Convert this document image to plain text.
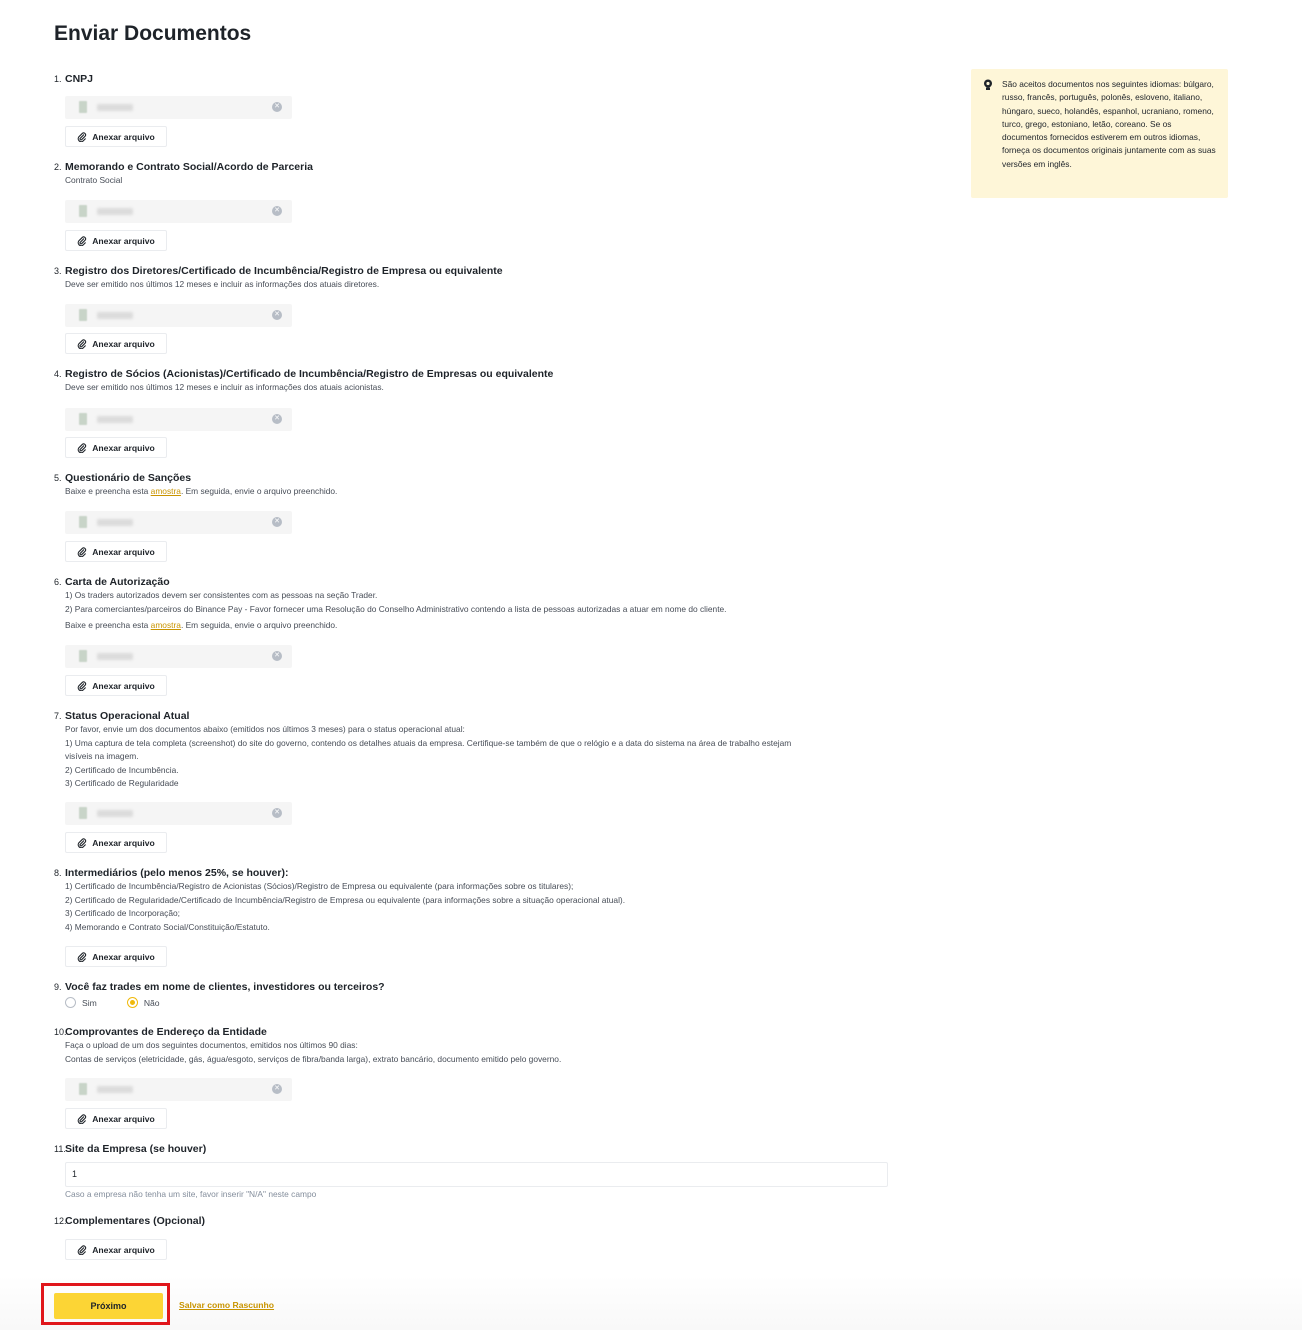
Enviar Documentos
São aceitos documentos nos seguintes idiomas: búlgaro, russo, francês, português, polonês, esloveno, italiano, húngaro, sueco, holandês, espanhol, ucraniano, romeno, turco, grego, estoniano, letão, coreano. Se os documentos fornecidos estiverem em outros idiomas, forneça os documentos originais juntamente com as suas versões em inglês.
1. CNPJ
✕
Anexar arquivo
2. Memorando e Contrato Social/Acordo de Parceria
Contrato Social
✕
Anexar arquivo
3. Registro dos Diretores/Certificado de Incumbência/Registro de Empresa ou equivalente
Deve ser emitido nos últimos 12 meses e incluir as informações dos atuais diretores.
✕
Anexar arquivo
4. Registro de Sócios (Acionistas)/Certificado de Incumbência/Registro de Empresas ou equivalente
Deve ser emitido nos últimos 12 meses e incluir as informações dos atuais acionistas.
✕
Anexar arquivo
5. Questionário de Sanções
Baixe e preencha esta amostra. Em seguida, envie o arquivo preenchido.
✕
Anexar arquivo
6. Carta de Autorização
1) Os traders autorizados devem ser consistentes com as pessoas na seção Trader.
2) Para comerciantes/parceiros do Binance Pay - Favor fornecer uma Resolução do Conselho Administrativo contendo a lista de pessoas autorizadas a atuar em nome do cliente.
Baixe e preencha esta amostra. Em seguida, envie o arquivo preenchido.
✕
Anexar arquivo
7. Status Operacional Atual
Por favor, envie um dos documentos abaixo (emitidos nos últimos 3 meses) para o status operacional atual:
1) Uma captura de tela completa (screenshot) do site do governo, contendo os detalhes atuais da empresa. Certifique-se também de que o relógio e a data do sistema na área de trabalho estejam
visíveis na imagem.
2) Certificado de Incumbência.
3) Certificado de Regularidade
✕
Anexar arquivo
8. Intermediários (pelo menos 25%, se houver):
1) Certificado de Incumbência/Registro de Acionistas (Sócios)/Registro de Empresa ou equivalente (para informações sobre os titulares);
2) Certificado de Regularidade/Certificado de Incumbência/Registro de Empresa ou equivalente (para informações sobre a situação operacional atual).
3) Certificado de Incorporação;
4) Memorando e Contrato Social/Constituição/Estatuto.
Anexar arquivo
9. Você faz trades em nome de clientes, investidores ou terceiros?
Sim	Não
10.Comprovantes de Endereço da Entidade
Faça o upload de um dos seguintes documentos, emitidos nos últimos 90 dias:
Contas de serviços (eletricidade, gás, água/esgoto, serviços de fibra/banda larga), extrato bancário, documento emitido pelo governo.
✕
Anexar arquivo
11.Site da Empresa (se houver)
1
Caso a empresa não tenha um site, favor inserir "N/A" neste campo
12.Complementares (Opcional)
Anexar arquivo
Próximo	Salvar como Rascunho
